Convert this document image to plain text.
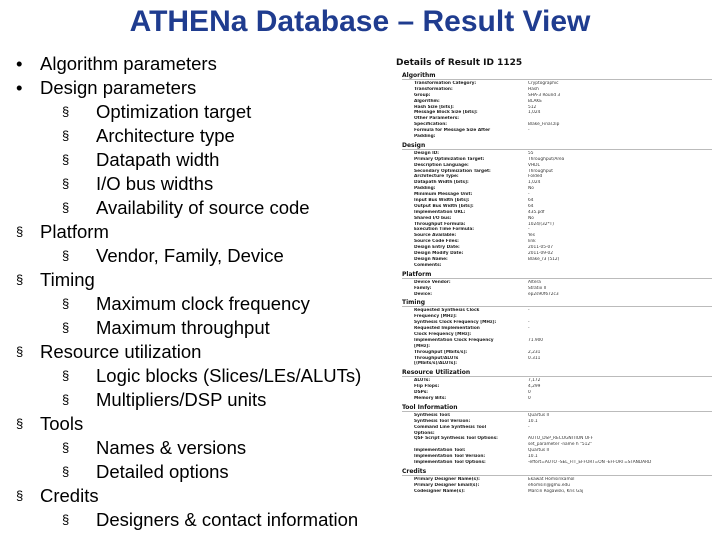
ATHENa Database – Result View
• Algorithm parameters
• Design parameters
§ Optimization target
§ Architecture type
§ Datapath width
§ I/O bus widths
§ Availability of source code
§ Platform
§ Vendor, Family, Device
§ Timing
§ Maximum clock frequency
§ Maximum throughput
§ Resource utilization
§ Logic blocks (Slices/LEs/ALUTs)
§ Multipliers/DSP units
§ Tools
§ Names & versions
§ Detailed options
§ Credits
§ Designers & contact information
Details of Result ID 1125
Algorithm
Transformation Category:	Cryptographic
Transformation:	Hash
Group:	SHA-3 Round 3
Algorithm:	BLAKE
Hash Size [bits]:	512
Message Block Size [bits]:	1,024
Other Parameters:
Specification:	Blake_Final.zip
Formula for Message Size After	-
Padding:
Design
Design ID:	55
Primary Optimization Target:	Throughput/Area
Description Language:	VHDL
Secondary Optimization Target:	Throughput
Architecture Type:	Folded
Datapath Width [bits]:	1,024
Padding:	No
Minimum Message Unit:	-
Input Bus Width [bits]:	64
Output Bus Width [bits]:	64
Implementation URL:	435.pdf
Shared I/O bus:	No
Throughput Formula:	1024/(32*T)
Execution Time Formula:	-
Source Available:	Yes
Source Code Files:	link
Design Entry Date:	2011-05-07
Design Modify Date:	2011-09-02
Design Name:	Blake_r3 (512)
Comments:
Platform
Device Vendor:	Altera
Family:	Stratix II
Device:	ep2s90f672c3
Timing
Requested Synthesis Clock	-
Frequency [MHz]:
Synthesis Clock Frequency [MHz]:	-
Requested Implementation	-
Clock Frequency [MHz]:
Implementation Clock Frequency	71.900
[MHz]:
Throughput [Mbits/s]:	2,231
Throughput/ALUTs	0.311
[(Mbits/s)/ALUTs]:
Resource Utilization
ALUTs:	7,172
Flip Flops:	4,299
DSPs:	0
Memory Bits:	0
Tool Information
Synthesis Tool:	Quartus II
Synthesis Tool Version:	10.1
Command Line Synthesis Tool	-
Options:
QSF Script Synthesis Tool Options:	AUTO_DSP_RECOGNITION OFF
set_parameter -name h "512"
Implementation Tool:	Quartus II
Implementation Tool Version:	10.1
Implementation Tool Options:	-effort=AUTO -SEL_FIT_EFFORT=ON -EFFORT=STANDARD
Credits
Primary Designer Name(s):	Ekawat Homsirikamol
Primary Designer Email(s):	ehomsiri@gmu.edu
Codesigner Name(s):	Marcin Rogawski, Kris Gaj
